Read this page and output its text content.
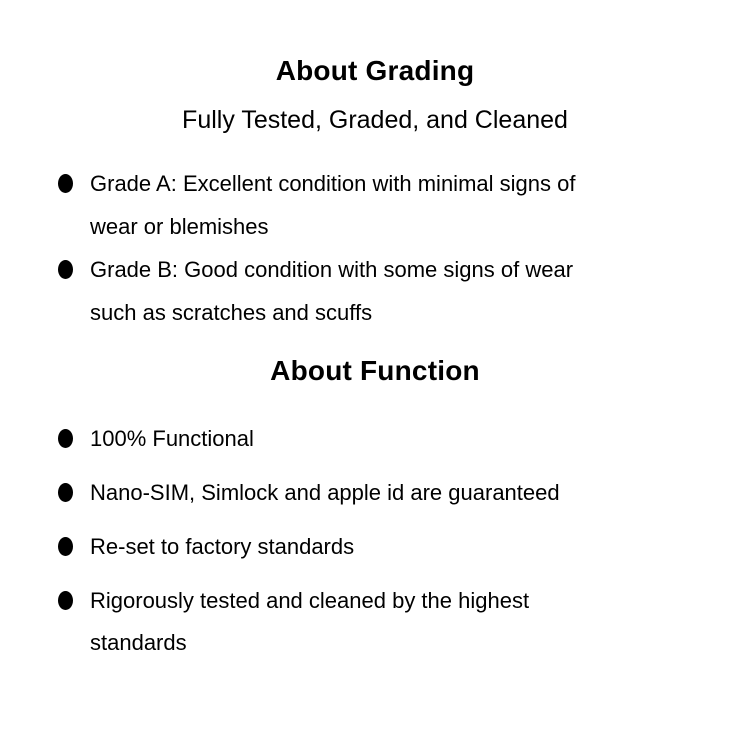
About Grading
Fully Tested, Graded, and Cleaned
Grade A: Excellent condition with minimal signs of
wear or blemishes
Grade B: Good condition with some signs of wear
such as scratches and scuffs
About Function
100% Functional
Nano-SIM, Simlock and apple id are guaranteed
Re-set to factory standards
Rigorously tested and cleaned by the highest
standards
